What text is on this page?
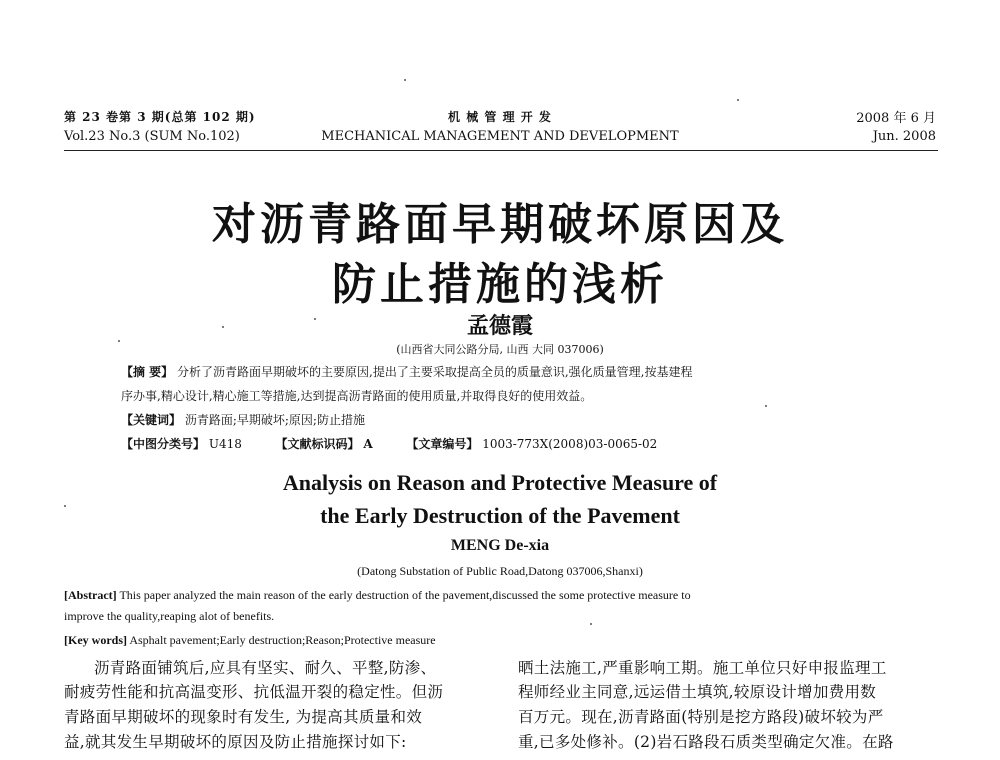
第 23 卷第 3 期(总第 102 期)
Vol.23 No.3 (SUM No.102)
机 械 管 理 开 发
MECHANICAL MANAGEMENT AND DEVELOPMENT
2008 年 6 月
Jun. 2008
对沥青路面早期破坏原因及
防止措施的浅析
孟德霞
(山西省大同公路分局, 山西 大同 037006)
【摘 要】 分析了沥青路面早期破坏的主要原因,提出了主要采取提高全员的质量意识,强化质量管理,按基建程
序办事,精心设计,精心施工等措施,达到提高沥青路面的使用质量,并取得良好的使用效益。
【关键词】 沥青路面;早期破坏;原因;防止措施
【中图分类号】 U418	【文献标识码】 A	【文章编号】 1003-773X(2008)03-0065-02
Analysis on Reason and Protective Measure of
the Early Destruction of the Pavement
MENG De-xia
(Datong Substation of Public Road,Datong 037006,Shanxi)
[Abstract] This paper analyzed the main reason of the early destruction of the pavement,discussed the some protective measure to
improve the quality,reaping alot of benefits.
[Key words] Asphalt pavement;Early destruction;Reason;Protective measure
沥青路面铺筑后,应具有坚实、耐久、平整,防渗、
耐疲劳性能和抗高温变形、抗低温开裂的稳定性。但沥
青路面早期破坏的现象时有发生, 为提高其质量和效
益,就其发生早期破坏的原因及防止措施探讨如下:
晒土法施工,严重影响工期。施工单位只好申报监理工
程师经业主同意,远运借土填筑,较原设计增加费用数
百万元。现在,沥青路面(特别是挖方路段)破坏较为严
重,已多处修补。(2)岩石路段石质类型确定欠准。在路
